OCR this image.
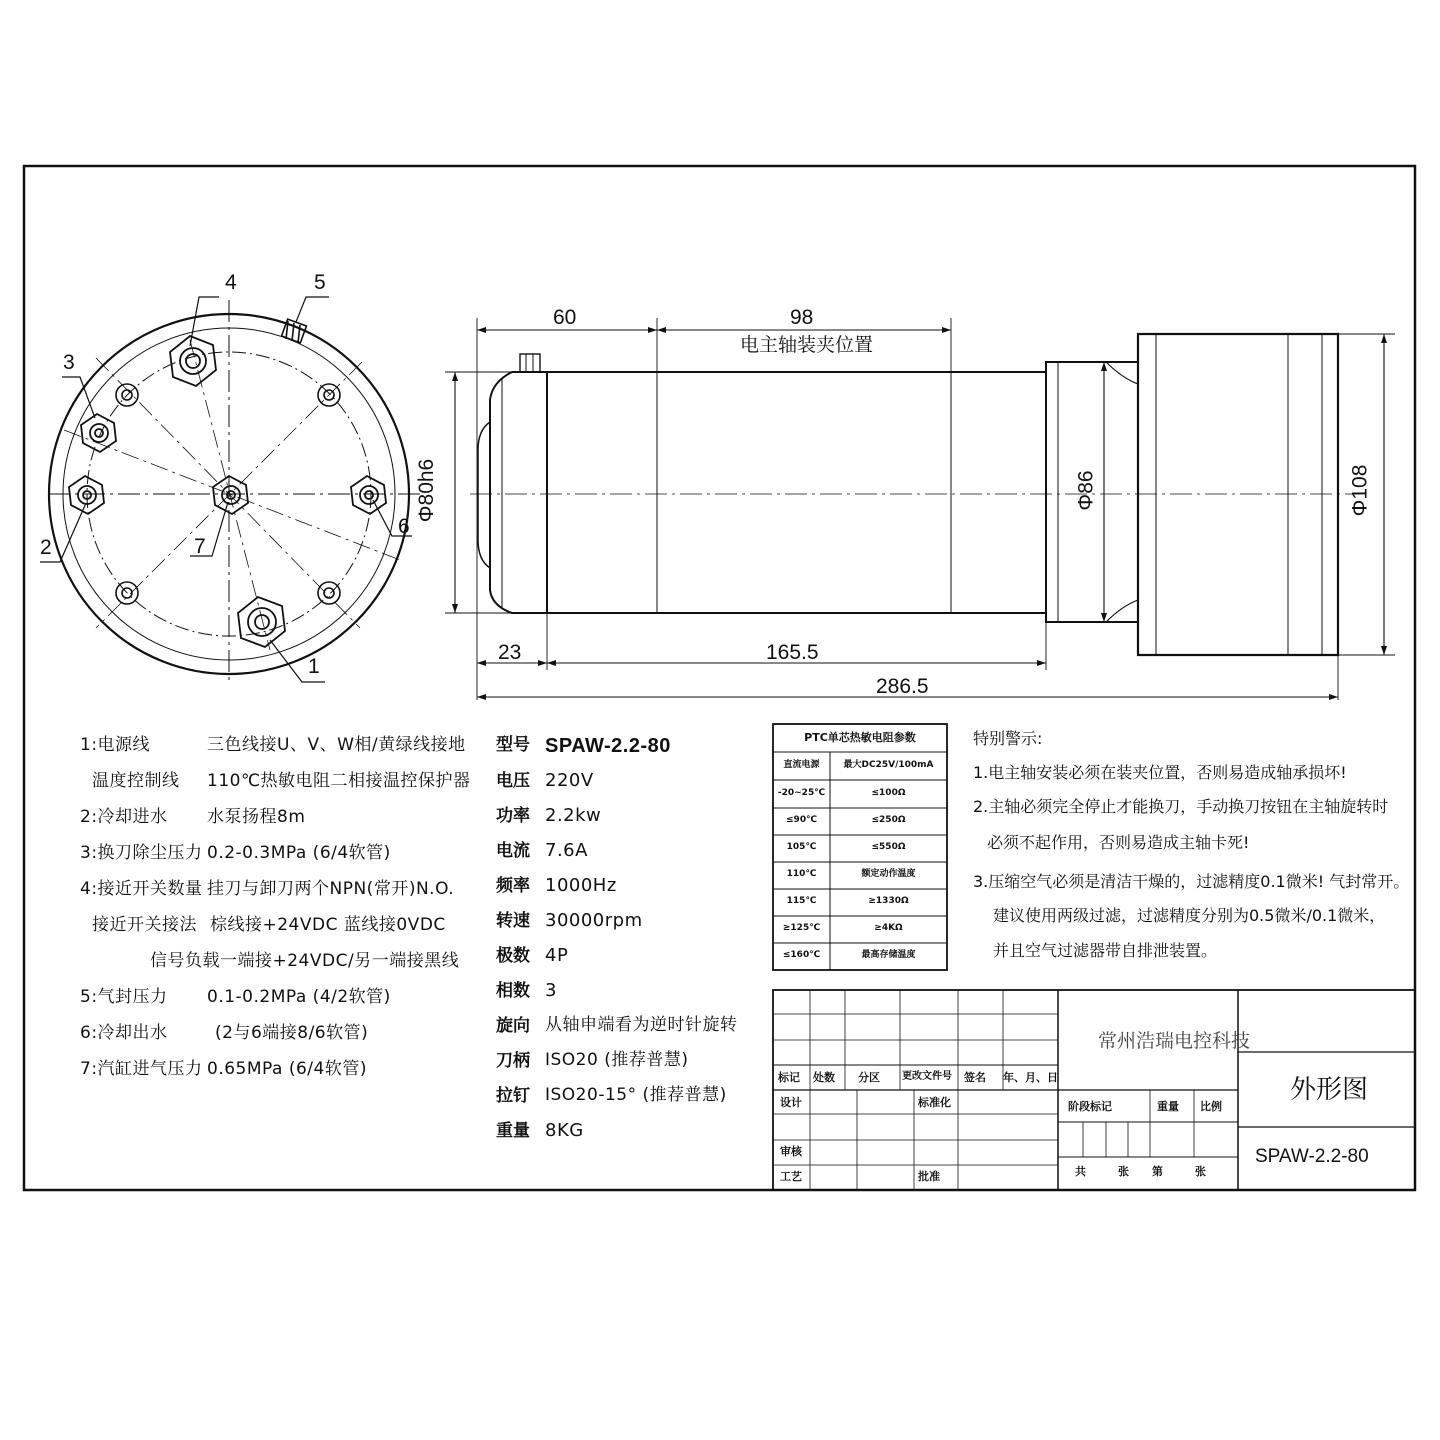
4	5
3
2
6
7
1
60	98
电主轴装夹位置
Φ80h6	Φ86	Φ108
23	165.5
286.5
1:电源线	三色线接U、V、W相/黄绿线接地
温度控制线 110℃热敏电阻二相接温控保护器
2:冷却进水 水泵扬程8m
3:换刀除尘压力 0.2-0.3MPa (6/4软管)
4:接近开关数量 挂刀与卸刀两个NPN(常开)N.O.
接近开关接法 棕线接+24VDC 蓝线接0VDC
信号负载一端接+24VDC/另一端接黑线
5:气封压力 0.1-0.2MPa (4/2软管)
6:冷却出水	(2与6端接8/6软管)
7:汽缸进气压力 0.65MPa (6/4软管)
型号 SPAW-2.2-80
电压 220V
功率 2.2kw
电流 7.6A
频率 1000Hz
转速 30000rpm
极数 4P
相数 3
旋向 从轴申端看为逆时针旋转
刀柄 ISO20 (推荐普慧)
拉钉 ISO20-15° (推荐普慧)
重量 8KG
PTC单芯热敏电阻参数
直流电源	最大DC25V/100mA
-20~25℃	≤100Ω
≤90℃	≤250Ω
105℃	≤550Ω
110℃	额定动作温度
115℃	≥1330Ω
≥125℃	≥4KΩ
≤160℃	最高存储温度
特别警示:
1.电主轴安装必须在装夹位置，否则易造成轴承损坏!
2.主轴必须完全停止才能换刀，手动换刀按钮在主轴旋转时
必须不起作用，否则易造成主轴卡死!
3.压缩空气必须是清洁干燥的，过滤精度0.1微米! 气封常开。
建议使用两级过滤，过滤精度分别为0.5微米/0.1微米，
并且空气过滤器带自排泄装置。
常州浩瑞电控科技
外形图
SPAW-2.2-80
标记 处数 分区 更改文件号 签名 年、月、日
设计	标准化	阶段标记	重量 比例
审核
工艺	批准	共	张 第	张
